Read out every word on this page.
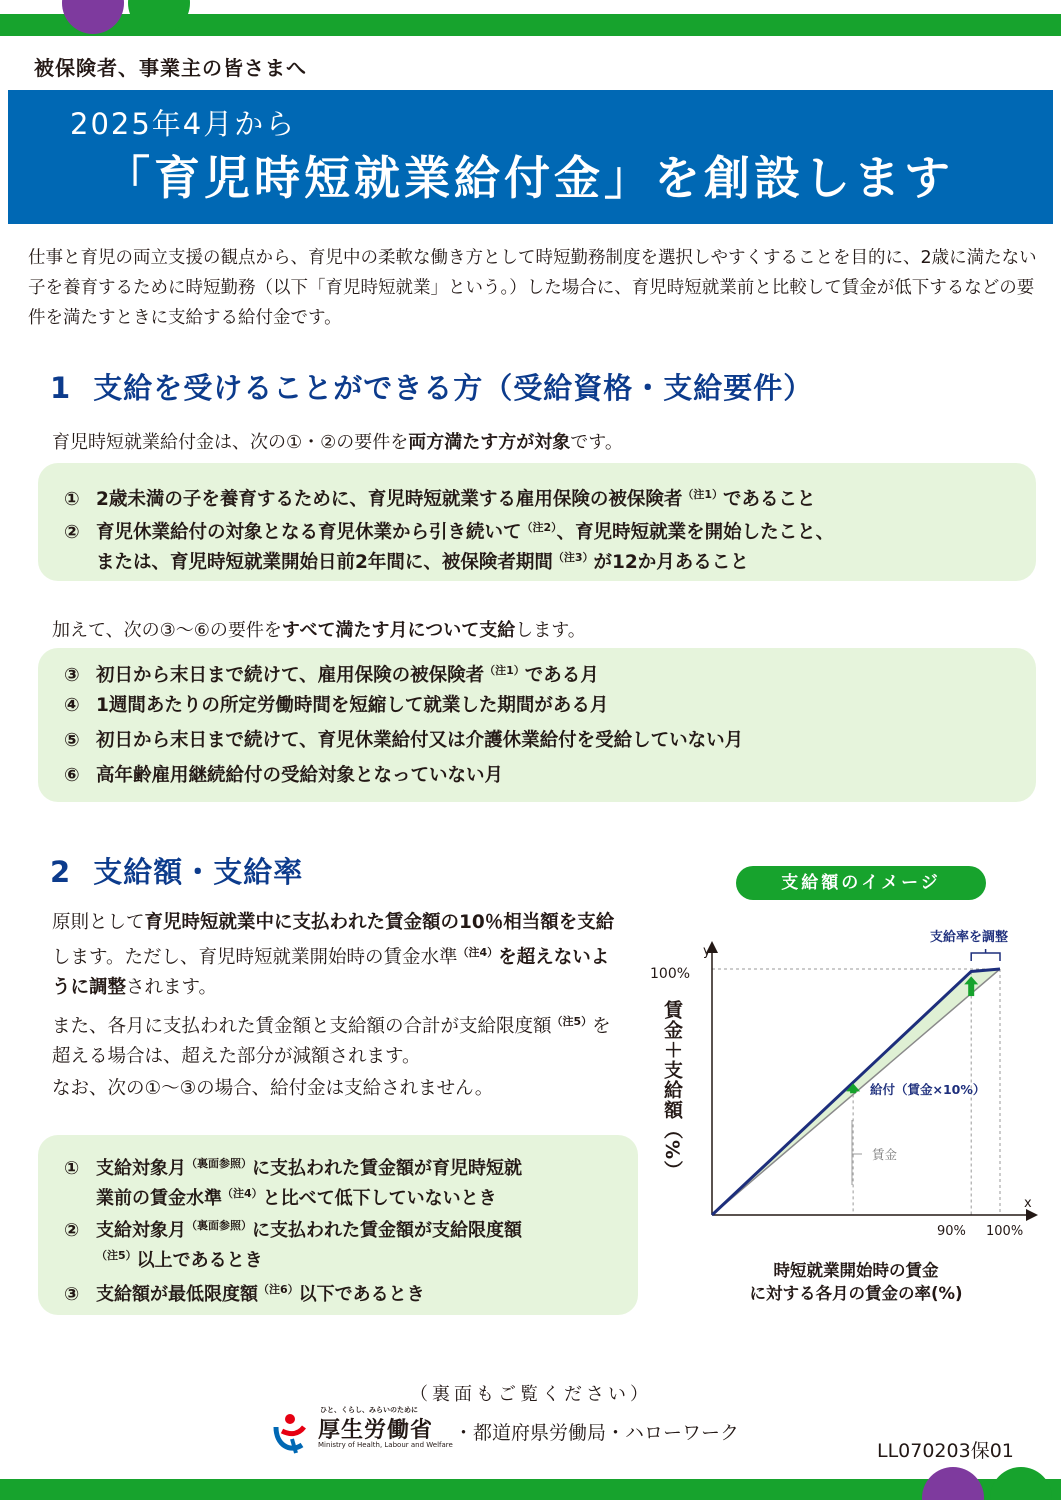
被保険者、事業主の皆さまへ
2025年4月から
「育児時短就業給付金」を創設します
仕事と育児の両立支援の観点から、育児中の柔軟な働き方として時短勤務制度を選択しやすくすることを目的に、2歳に満たない子を養育するために時短勤務（以下「育児時短就業」という。）した場合に、育児時短就業前と比較して賃金が低下するなどの要件を満たすときに支給する給付金です。
1 支給を受けることができる方（受給資格・支給要件）
育児時短就業給付金は、次の①・②の要件を両方満たす方が対象です。
① 2歳未満の子を養育するために、育児時短就業する雇用保険の被保険者$^{(注1)}$であること
② 育児休業給付の対象となる育児休業から引き続いて$^{(注2)}$、育児時短就業を開始したこと、
または、育児時短就業開始日前2年間に、被保険者期間$^{(注3)}$が12か月あること
加えて、次の③～⑥の要件をすべて満たす月について支給します。
③ 初日から末日まで続けて、雇用保険の被保険者$^{(注1)}$である月
④ 1週間あたりの所定労働時間を短縮して就業した期間がある月
⑤ 初日から末日まで続けて、育児休業給付又は介護休業給付を受給していない月
⑥ 高年齢雇用継続給付の受給対象となっていない月
2 支給額・支給率
原則として育児時短就業中に支払われた賃金額の10％相当額を支給します。ただし、育児時短就業開始時の賃金水準$^{(注4)}$を超えないように調整されます。
また、各月に支払われた賃金額と支給額の合計が支給限度額$^{(注5)}$を超える場合は、超えた部分が減額されます。
なお、次の①～③の場合、給付金は支給されません。
① 支給対象月$^{(裏面参照)}$に支払われた賃金額が育児時短就
業前の賃金水準$^{(注4)}$と比べて低下していないとき
② 支給対象月$^{(裏面参照)}$に支払われた賃金額が支給限度額
$^{(注5)}$以上であるとき
③ 支給額が最低限度額$^{(注6)}$以下であるとき
支給額のイメージ
y
x
100%
90% 100%
支給率を調整
給付（賃金×10%）
賃金
賃金＋支給額（%）
時短就業開始時の賃金
に対する各月の賃金の率(%)
（裏面もご覧ください）
ひと、くらし、みらいのために
厚生労働省
Ministry of Health, Labour and Welfare
・都道府県労働局・ハローワーク
LL070203保01
